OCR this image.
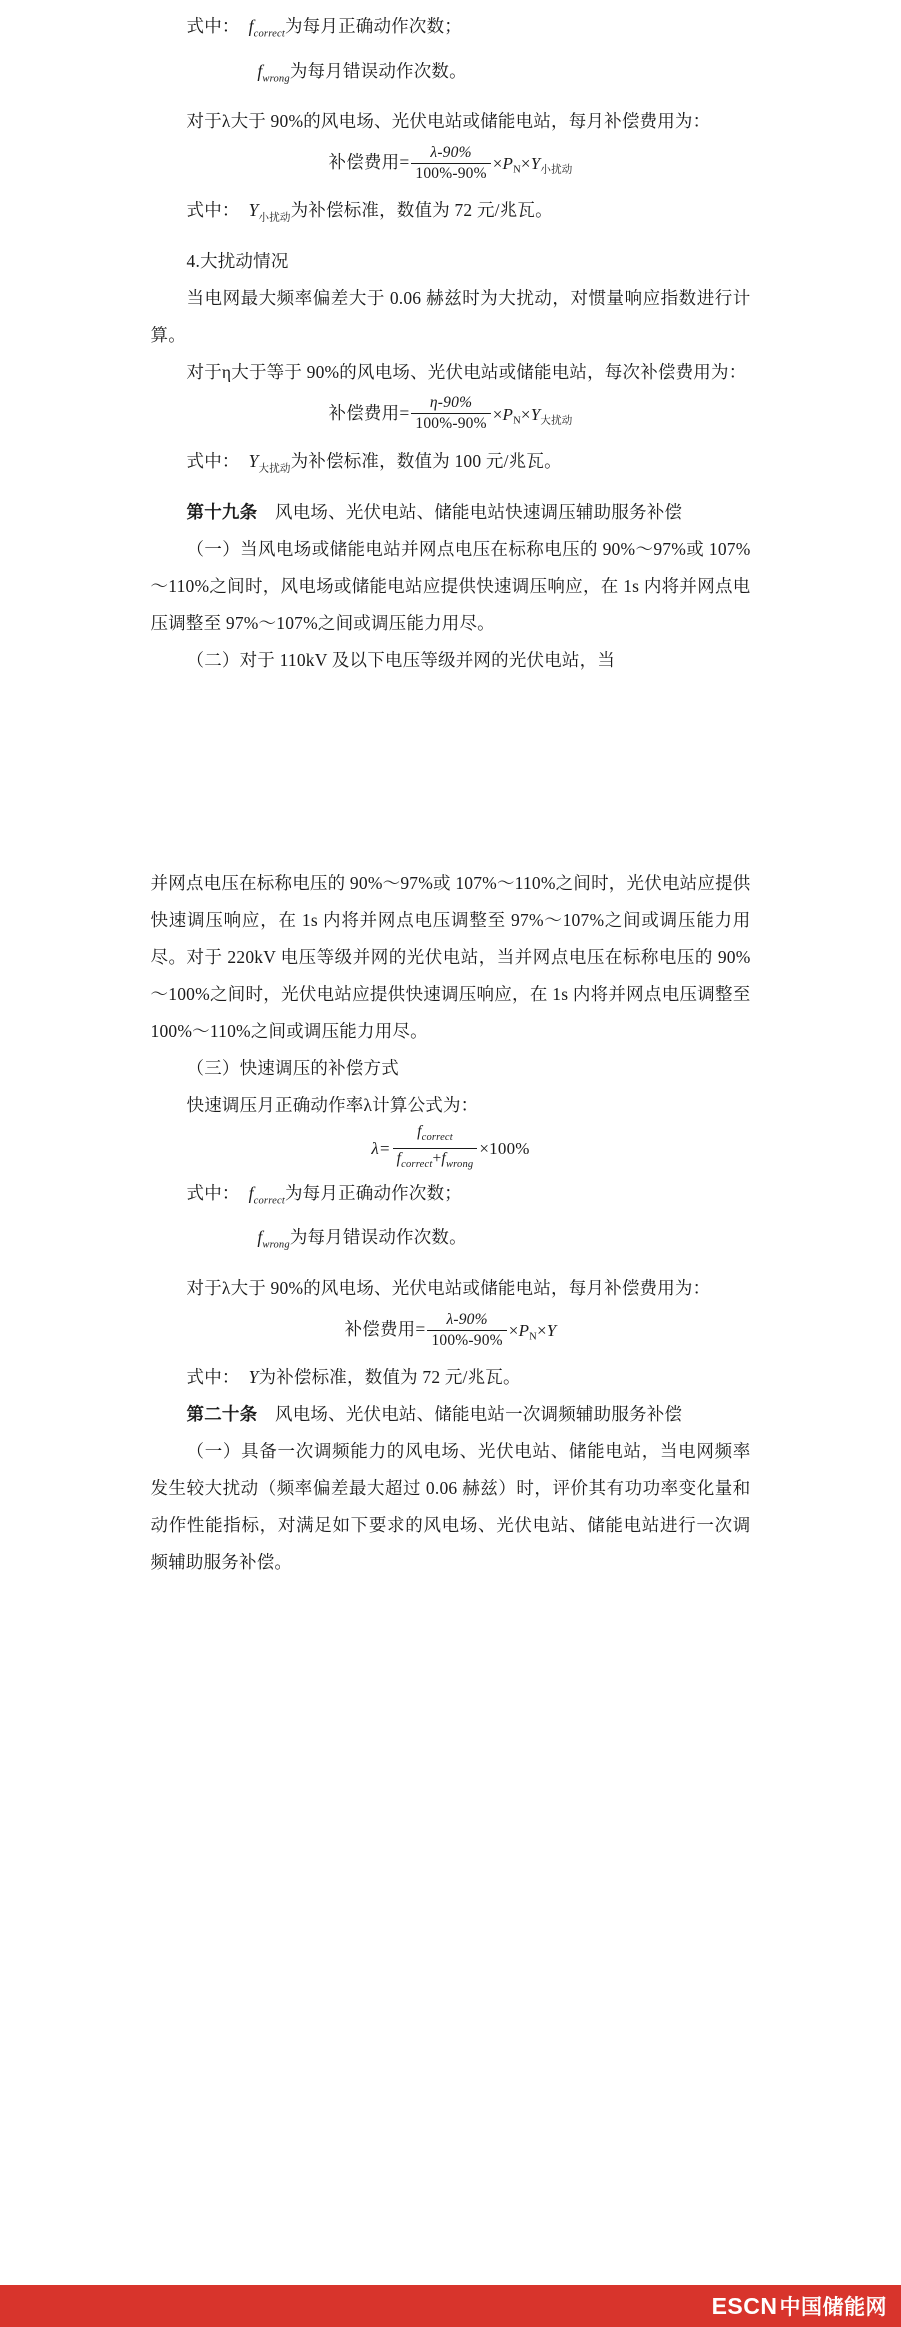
式中：　 $f_{correct}$为每月正确动作次数；

　　　　$f_{wrong}$为每月错误动作次数。

对于λ大于 90%的风电场、光伏电站或储能电站，每月补偿费用为：

补偿费用= $\frac{\lambda-90\%}{100\%-90\%} \times P_N\times Y_{小扰动}$

式中：　 $Y_{小扰动}$为补偿标准，数值为 72 元/兆瓦。

4.大扰动情况

当电网最大频率偏差大于 0.06 赫兹时为大扰动，对惯量响应指数进行计算。

对于η大于等于 90%的风电场、光伏电站或储能电站，每次补偿费用为：

补偿费用= $\frac{\eta-90\%}{100\%-90\%} \times P_N\times Y_{大扰动}$

式中：　 $Y_{大扰动}$为补偿标准，数值为 100 元/兆瓦。

第十九条　 风电场、光伏电站、储能电站快速调压辅助服务补偿

（一）当风电场或储能电站并网点电压在标称电压的 90%～97%或 107%～110%之间时，风电场或储能电站应提供快速调压响应，在 1s 内将并网点电压调整至 97%～107%之间或调压能力用尽。

（二）对于 110kV 及以下电压等级并网的光伏电站，当

并网点电压在标称电压的 90%～97%或 107%～110%之间时，光伏电站应提供快速调压响应，在 1s 内将并网点电压调整至 97%～107%之间或调压能力用尽。对于 220kV 电压等级并网的光伏电站，当并网点电压在标称电压的 90%～100%之间时，光伏电站应提供快速调压响应，在 1s 内将并网点电压调整至 100%～110%之间或调压能力用尽。

（三）快速调压的补偿方式

快速调压月正确动作率λ计算公式为：

$\lambda= \frac{f_{correct}}{f_{correct}+f_{wrong}} \times 100\%$

式中：　 $f_{correct}$为每月正确动作次数；

　　　　$f_{wrong}$为每月错误动作次数。

对于λ大于 90%的风电场、光伏电站或储能电站，每月补偿费用为：

补偿费用= $\frac{\lambda-90\%}{100\%-90\%} \times P_N\times Y$

式中：　 Y为补偿标准，数值为 72 元/兆瓦。

第二十条　 风电场、光伏电站、储能电站一次调频辅助服务补偿

（一）具备一次调频能力的风电场、光伏电站、储能电站，当电网频率发生较大扰动（频率偏差最大超过 0.06 赫兹）时，评价其有功功率变化量和动作性能指标，对满足如下要求的风电场、光伏电站、储能电站进行一次调频辅助服务补偿。

ESCN 中国储能网
